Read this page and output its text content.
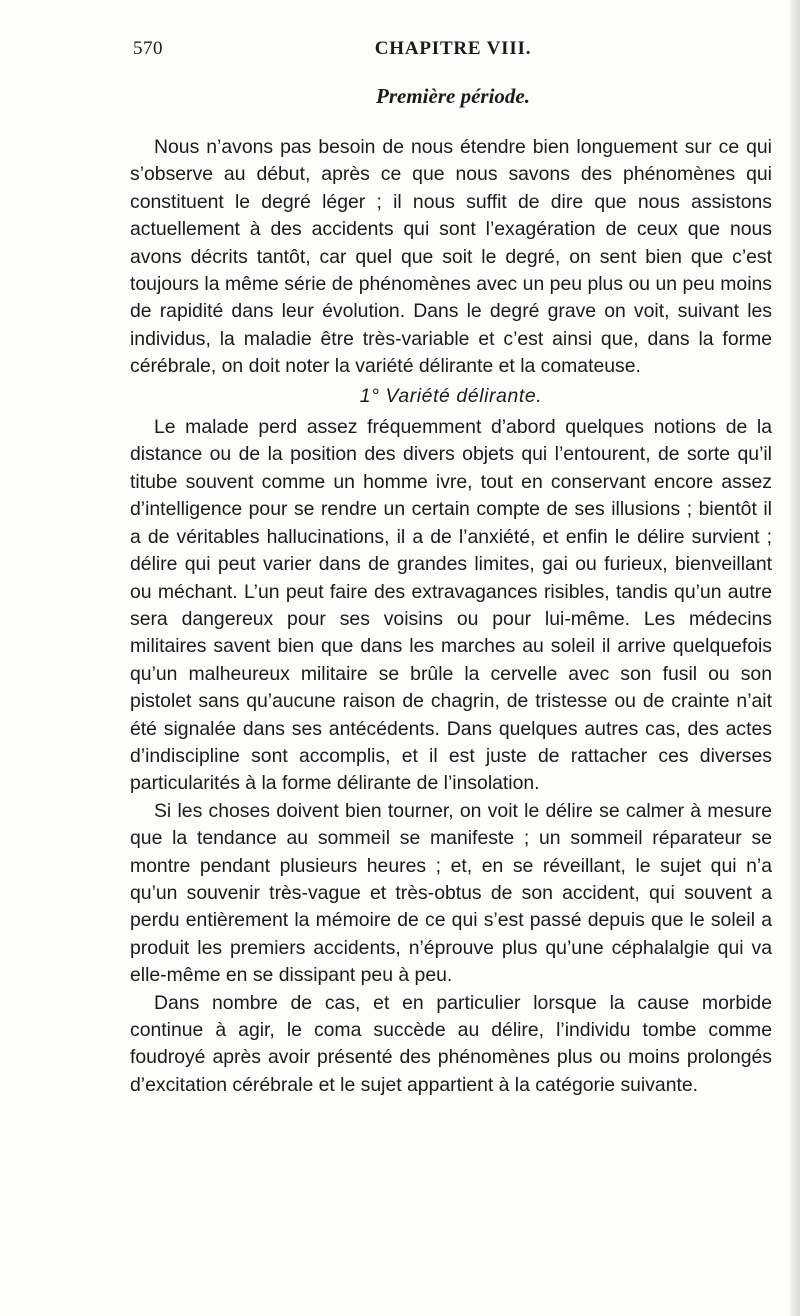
570	CHAPITRE VIII.
Première période.

Nous n’avons pas besoin de nous étendre bien longuement sur ce qui s’observe au début, après ce que nous savons des phénomènes qui constituent le degré léger ; il nous suffit de dire que nous assistons actuellement à des accidents qui sont l’exagération de ceux que nous avons décrits tantôt, car quel que soit le degré, on sent bien que c’est toujours la même série de phénomènes avec un peu plus ou un peu moins de rapidité dans leur évolution. Dans le degré grave on voit, suivant les individus, la maladie être très-variable et c’est ainsi que, dans la forme cérébrale, on doit noter la variété délirante et la comateuse.

1° Variété délirante.

Le malade perd assez fréquemment d’abord quelques notions de la distance ou de la position des divers objets qui l’entourent, de sorte qu’il titube souvent comme un homme ivre, tout en conservant encore assez d’intelligence pour se rendre un certain compte de ses illusions ; bientôt il a de véritables hallucinations, il a de l’anxiété, et enfin le délire survient ; délire qui peut varier dans de grandes limites, gai ou furieux, bienveillant ou méchant. L’un peut faire des extravagances risibles, tandis qu’un autre sera dangereux pour ses voisins ou pour lui-même. Les médecins militaires savent bien que dans les marches au soleil il arrive quelquefois qu’un malheureux militaire se brûle la cervelle avec son fusil ou son pistolet sans qu’aucune raison de chagrin, de tristesse ou de crainte n’ait été signalée dans ses antécédents. Dans quelques autres cas, des actes d’indiscipline sont accomplis, et il est juste de rattacher ces diverses particularités à la forme délirante de l’insolation.

Si les choses doivent bien tourner, on voit le délire se calmer à mesure que la tendance au sommeil se manifeste ; un sommeil réparateur se montre pendant plusieurs heures ; et, en se réveillant, le sujet qui n’a qu’un souvenir très-vague et très-obtus de son accident, qui souvent a perdu entièrement la mémoire de ce qui s’est passé depuis que le soleil a produit les premiers accidents, n’éprouve plus qu’une céphalalgie qui va elle-même en se dissipant peu à peu.

Dans nombre de cas, et en particulier lorsque la cause morbide continue à agir, le coma succède au délire, l’individu tombe comme foudroyé après avoir présenté des phénomènes plus ou moins prolongés d’excitation cérébrale et le sujet appartient à la catégorie suivante.
